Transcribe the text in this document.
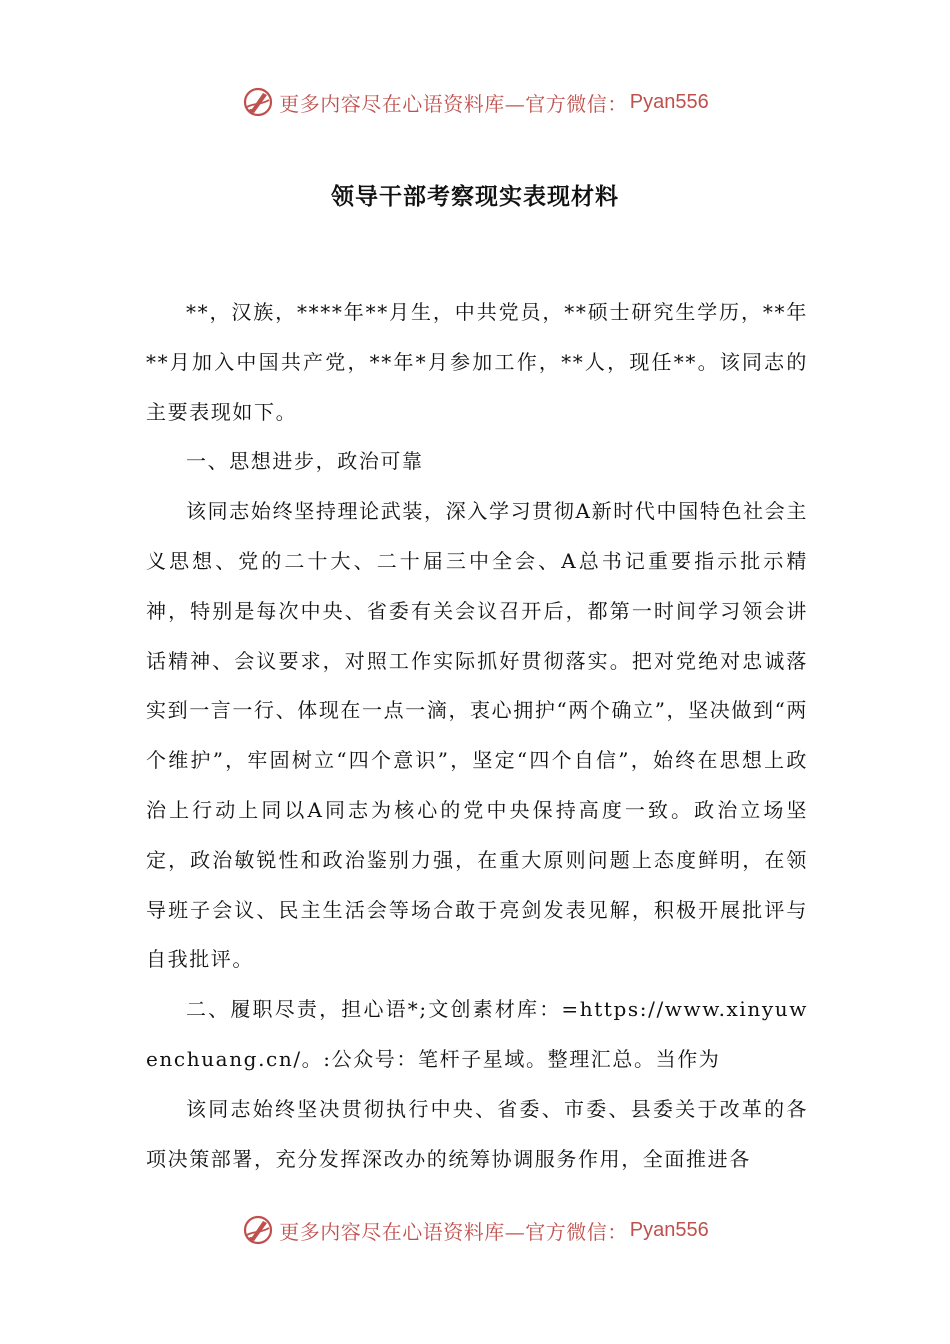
更多内容尽在心语资料库—官方微信： Pyan556
领导干部考察现实表现材料

**，汉族，****年**月生，中共党员，**硕士研究生学历，**年**月加入中国共产党，**年*月参加工作，**人，现任**。该同志的主要表现如下。

一、思想进步，政治可靠

该同志始终坚持理论武装，深入学习贯彻A新时代中国特色社会主义思想、党的二十大、二十届三中全会、A总书记重要指示批示精神，特别是每次中央、省委有关会议召开后，都第一时间学习领会讲话精神、会议要求，对照工作实际抓好贯彻落实。把对党绝对忠诚落实到一言一行、体现在一点一滴，衷心拥护“两个确立”，坚决做到“两个维护”，牢固树立“四个意识”，坚定“四个自信”，始终在思想上政治上行动上同以A同志为核心的党中央保持高度一致。政治立场坚定，政治敏锐性和政治鉴别力强，在重大原则问题上态度鲜明，在领导班子会议、民主生活会等场合敢于亮剑发表见解，积极开展批评与自我批评。

二、履职尽责，担心语*;文创素材库：=https://www.xinyuwenchuang.cn/。:公众号：笔杆子星域。整理汇总。当作为

该同志始终坚决贯彻执行中央、省委、市委、县委关于改革的各项决策部署，充分发挥深改办的统筹协调服务作用，全面推进各

更多内容尽在心语资料库—官方微信： Pyan556
